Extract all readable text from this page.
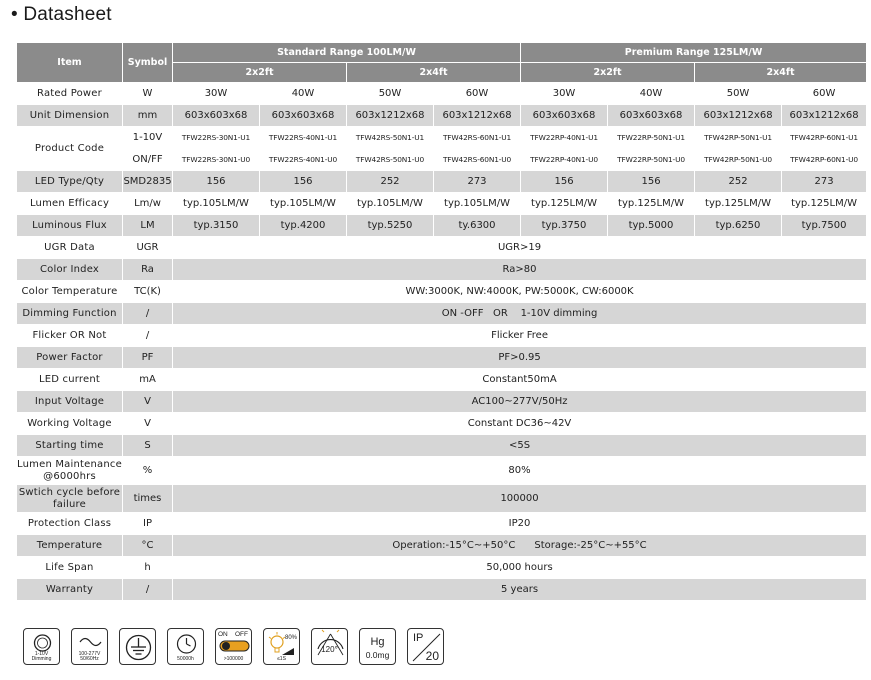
• Datasheet
Item	Symbol	Standard Range 100LM/W				Premium Range 125LM/W			
		2x2ft		2x4ft		2x2ft		2x4ft	
Rated Power	W	30W	40W	50W	60W	30W	40W	50W	60W
Unit Dimension	mm	603x603x68	603x603x68	603x1212x68	603x1212x68	603x603x68	603x603x68	603x1212x68	603x1212x68
Product Code	1-10V	TFW22RS-30N1-U1	TFW22RS-40N1-U1	TFW42RS-50N1-U1	TFW42RS-60N1-U1	TFW22RP-40N1-U1	TFW22RP-50N1-U1	TFW42RP-50N1-U1	TFW42RP-60N1-U1
	ON/FF	TFW22RS-30N1-U0	TFW22RS-40N1-U0	TFW42RS-50N1-U0	TFW42RS-60N1-U0	TFW22RP-40N1-U0	TFW22RP-50N1-U0	TFW42RP-50N1-U0	TFW42RP-60N1-U0
LED Type/Qty	SMD2835	156	156	252	273	156	156	252	273
Lumen Efficacy	Lm/w	typ.105LM/W	typ.105LM/W	typ.105LM/W	typ.105LM/W	typ.125LM/W	typ.125LM/W	typ.125LM/W	typ.125LM/W
Luminous Flux	LM	typ.3150	typ.4200	typ.5250	ty.6300	typ.3750	typ.5000	typ.6250	typ.7500
UGR Data	UGR	UGR>19							
Color Index	Ra	Ra>80							
Color Temperature	TC(K)	WW:3000K, NW:4000K, PW:5000K, CW:6000K							
Dimming Function	/	ON -OFF   OR    1-10V dimming							
Flicker OR Not	/	Flicker Free							
Power Factor	PF	PF>0.95							
LED current	mA	Constant50mA							
Input Voltage	V	AC100~277V/50Hz							
Working Voltage	V	Constant DC36~42V							
Starting time	S	<5S							
Lumen Maintenance @6000hrs	%	80%							
Swtich cycle before failure	times	100000							
Protection Class	IP	IP20							
Temperature	°C	Operation:-15°C~+50°C      Storage:-25°C~+55°C							
Life Span	h	50,000 hours							
Warranty	/	5 years							
1-10V Dimming
100-277V 50/60Hz	50000h
ON OFF
>100000
80%
≤1S
120°
Hg
0.0mg
IP
20
